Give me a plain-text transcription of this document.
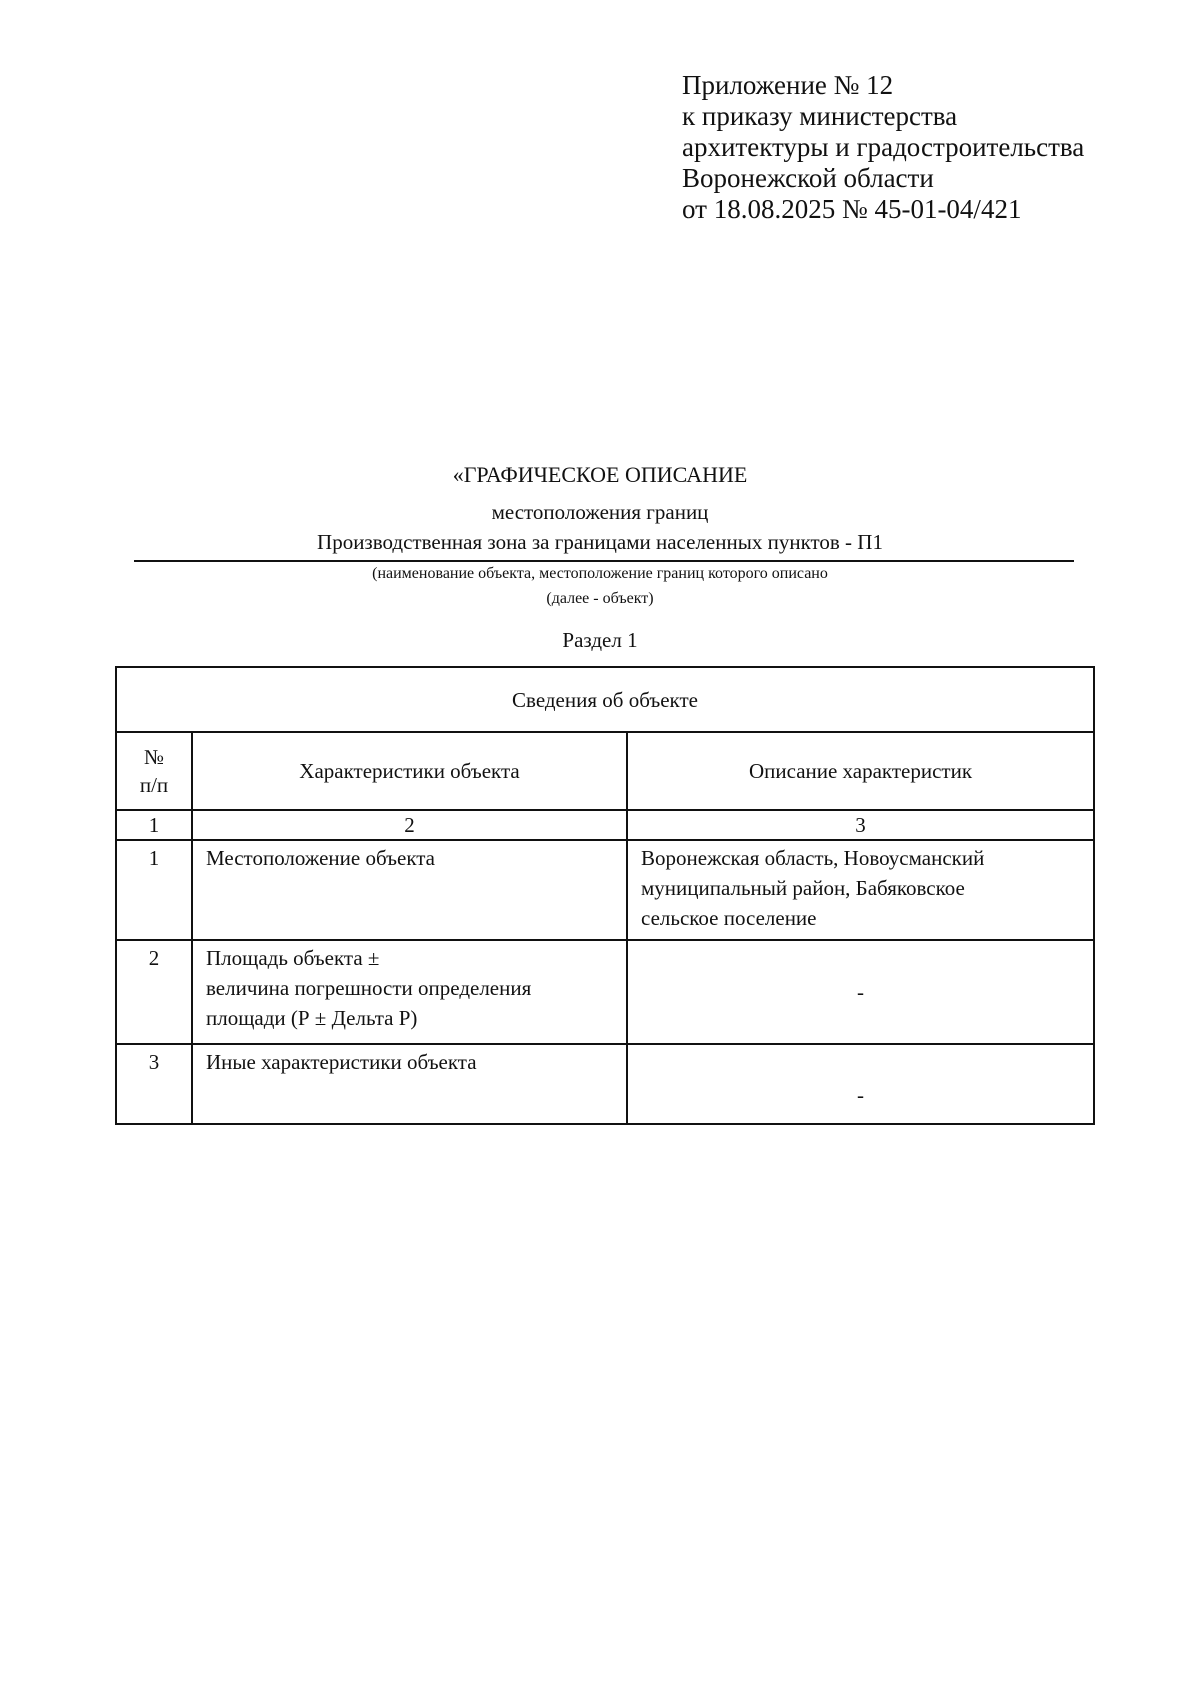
Приложение № 12
к приказу министерства
архитектуры и градостроительства
Воронежской области
от 18.08.2025 № 45-01-04/421
«ГРАФИЧЕСКОЕ ОПИСАНИЕ
местоположения границ
Производственная зона за границами населенных пунктов - П1
(наименование объекта, местоположение границ которого описано
(далее - объект)
Раздел 1
Сведения об объекте		
№
п/п	Характеристики объекта	Описание характеристик
1	2	3
1	Местоположение объекта	Воронежская область, Новоусманский
муниципальный район, Бабяковское
сельское поселение
2	Площадь объекта ±
величина погрешности определения
площади (Р ± Дельта Р)	-
3	Иные характеристики объекта	-
